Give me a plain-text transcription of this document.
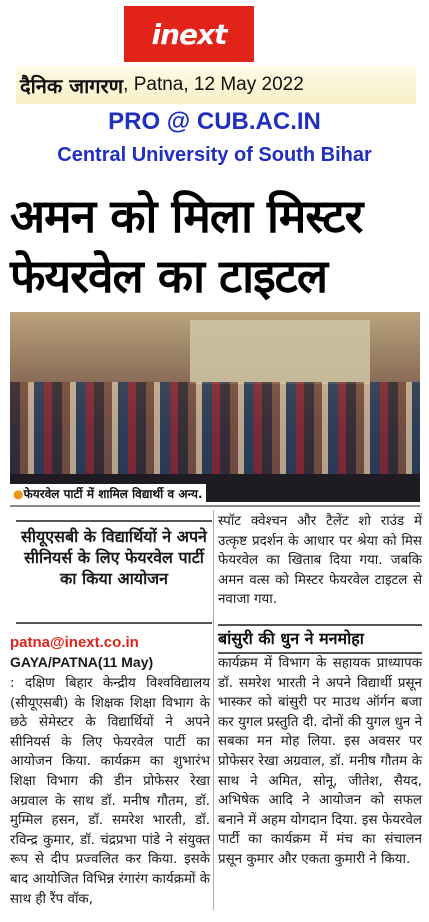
inext
दैनिक जागरण , Patna, 12 May 2022
PRO @ CUB.AC.IN
Central University of South Bihar
अमन को मिला मिस्टर
फेयरवेल का टाइटल
●फेयरवेल पार्टी में शामिल विद्यार्थी व अन्य.
सीयूएसबी के विद्यार्थियों ने अपने सीनियर्स के लिए फेयरवेल पार्टी का किया आयोजन
patna@inext.co.in
GAYA/PATNA(11 May)
: दक्षिण बिहार केन्द्रीय विश्वविद्यालय (सीयूएसबी) के शिक्षक शिक्षा विभाग के छठे सेमेस्टर के विद्यार्थियों ने अपने सीनियर्स के लिए फेयरवेल पार्टी का आयोजन किया. कार्यक्रम का शुभारंभ शिक्षा विभाग की डीन प्रोफेसर रेखा अग्रवाल के साथ डॉ. मनीष गौतम, डॉ. मुम्मिल हसन, डॉ. समरेश भारती, डॉ. रविन्द्र कुमार, डॉ. चंद्रप्रभा पांडे ने संयुक्त रूप से दीप प्रज्वलित कर किया. इसके बाद आयोजित विभिन्न रंगारंग कार्यक्रमों के साथ ही रैंप वॉक,
स्पॉट क्वेश्चन और टैलेंट शो राउंड में उत्कृष्ट प्रदर्शन के आधार पर श्रेया को मिस फेयरवेल का खिताब दिया गया. जबकि अमन वत्स को मिस्टर फेयरवेल टाइटल से नवाजा गया.
बांसुरी की धुन ने मनमोहा
कार्यक्रम में विभाग के सहायक प्राध्यापक डॉ. समरेश भारती ने अपने विद्यार्थी प्रसून भास्कर को बांसुरी पर माउथ ऑर्गन बजा कर युगल प्रस्तुति दी. दोनों की युगल धुन ने सबका मन मोह लिया. इस अवसर पर प्रोफेसर रेखा अग्रवाल, डॉ. मनीष गौतम के साथ ने अमित, सोनू, जीतेश, सैयद, अभिषेक आदि ने आयोजन को सफल बनाने में अहम योगदान दिया. इस फेयरवेल पार्टी का कार्यक्रम में मंच का संचालन प्रसून कुमार और एकता कुमारी ने किया.
